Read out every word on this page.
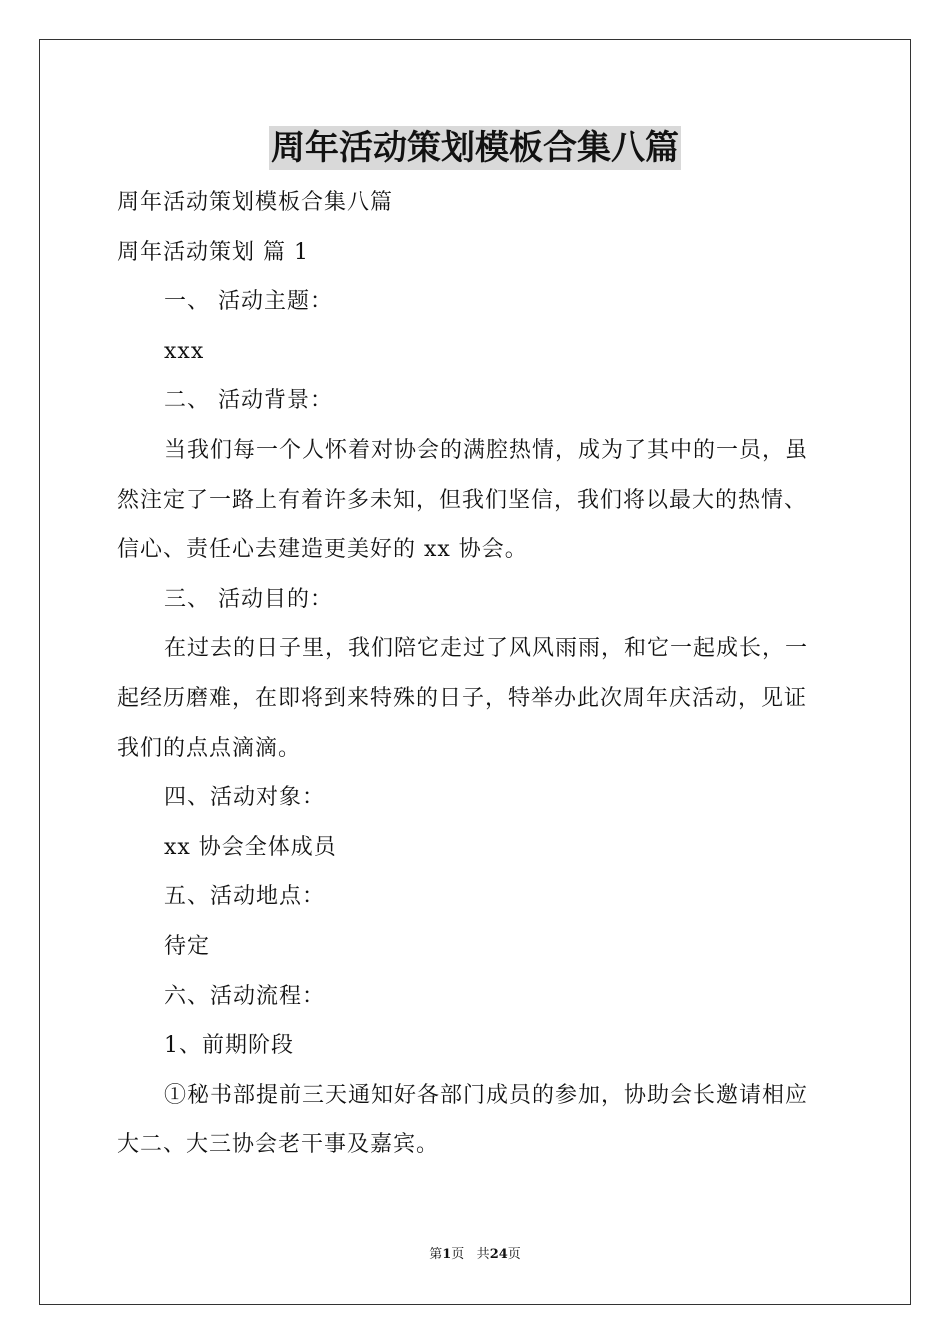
周年活动策划模板合集八篇
周年活动策划模板合集八篇
周年活动策划 篇 1
一、 活动主题：
xxx
二、 活动背景：
当我们每一个人怀着对协会的满腔热情，成为了其中的一员，虽
然注定了一路上有着许多未知，但我们坚信，我们将以最大的热情、
信心、责任心去建造更美好的 xx 协会。
三、 活动目的：
在过去的日子里，我们陪它走过了风风雨雨，和它一起成长，一
起经历磨难，在即将到来特殊的日子，特举办此次周年庆活动，见证
我们的点点滴滴。
四、活动对象：
xx 协会全体成员
五、活动地点：
待定
六、活动流程：
1、前期阶段
①秘书部提前三天通知好各部门成员的参加，协助会长邀请相应
大二、大三协会老干事及嘉宾。
第1页 共24页
